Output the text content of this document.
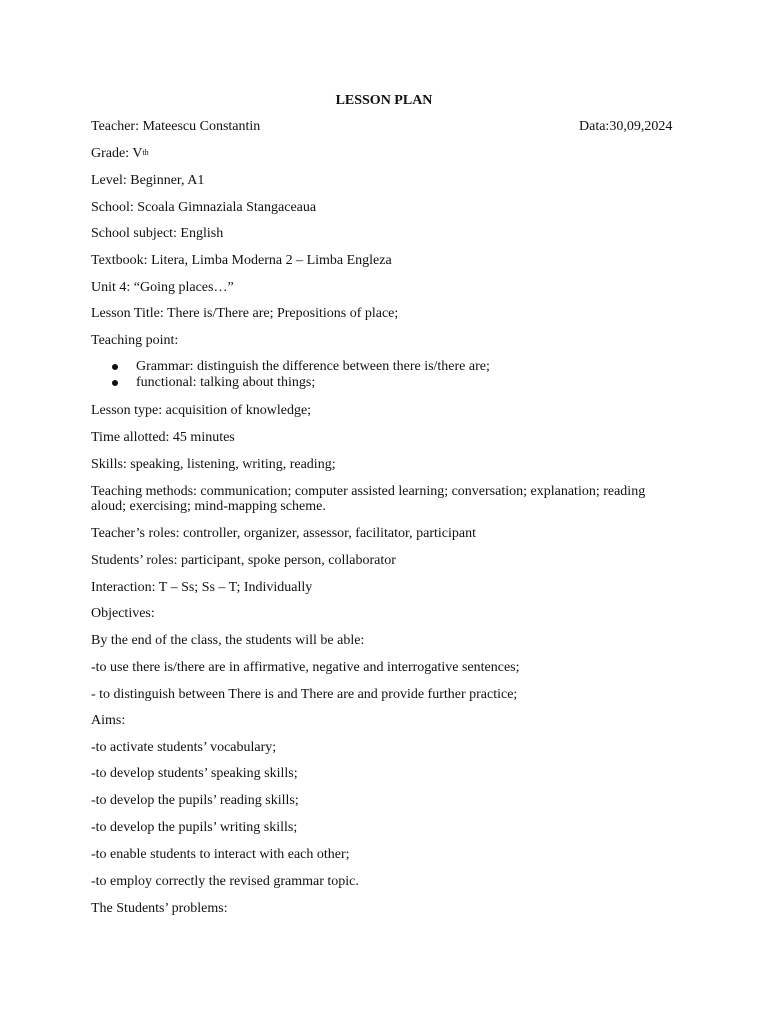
LESSON PLAN
Teacher: Mateescu Constantin	Data:30,09,2024
Grade: Vth
Level: Beginner, A1
School: Scoala Gimnaziala Stangaceaua
School subject: English
Textbook: Litera, Limba Moderna 2 – Limba Engleza
Unit 4: “Going places…”
Lesson Title: There is/There are; Prepositions of place;
Teaching point:
Grammar: distinguish the difference between there is/there are;
functional: talking about things;
Lesson type: acquisition of knowledge;
Time allotted: 45 minutes
Skills: speaking, listening, writing, reading;
Teaching methods: communication; computer assisted learning; conversation; explanation; reading aloud; exercising; mind-mapping scheme.
Teacher’s roles: controller, organizer, assessor, facilitator, participant
Students’ roles: participant, spoke person, collaborator
Interaction: T – Ss; Ss – T; Individually
Objectives:
By the end of the class, the students will be able:
-to use there is/there are in affirmative, negative and interrogative sentences;
- to distinguish between There is and There are and provide further practice;
Aims:
-to activate students’ vocabulary;
-to develop students’ speaking skills;
-to develop the pupils’ reading skills;
-to develop the pupils’ writing skills;
-to enable students to interact with each other;
-to employ correctly the revised grammar topic.
The Students’ problems:
